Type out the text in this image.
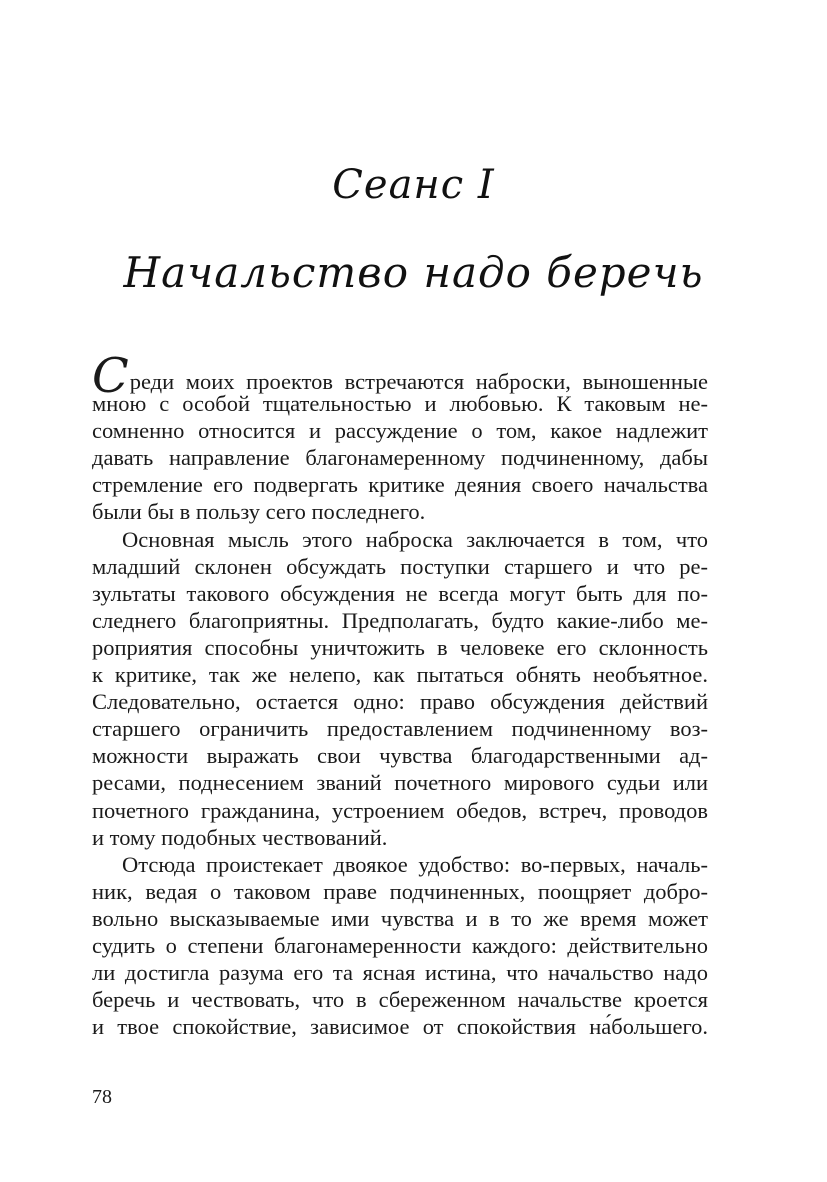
Сеанс I
Начальство надо беречь
Среди моих проектов встречаются наброски, выношенные
мною с особой тщательностью и любовью. К таковым не-
сомненно относится и рассуждение о том, какое надлежит
давать направление благонамеренному подчиненному, дабы
стремление его подвергать критике деяния своего начальства
были бы в пользу сего последнего.
Основная мысль этого наброска заключается в том, что
младший склонен обсуждать поступки старшего и что ре-
зультаты такового обсуждения не всегда могут быть для по-
следнего благоприятны. Предполагать, будто какие-либо ме-
роприятия способны уничтожить в человеке его склонность
к критике, так же нелепо, как пытаться обнять необъятное.
Следовательно, остается одно: право обсуждения действий
старшего ограничить предоставлением подчиненному воз-
можности выражать свои чувства благодарственными ад-
ресами, поднесением званий почетного мирового судьи или
почетного гражданина, устроением обедов, встреч, проводов
и тому подобных чествований.
Отсюда проистекает двоякое удобство: во-первых, началь-
ник, ведая о таковом праве подчиненных, поощряет добро-
вольно высказываемые ими чувства и в то же время может
судить о степени благонамеренности каждого: действительно
ли достигла разума его та ясная истина, что начальство надо
беречь и чествовать, что в сбереженном начальстве кроется
и твое спокойствие, зависимое от спокойствия на́большего.
78
